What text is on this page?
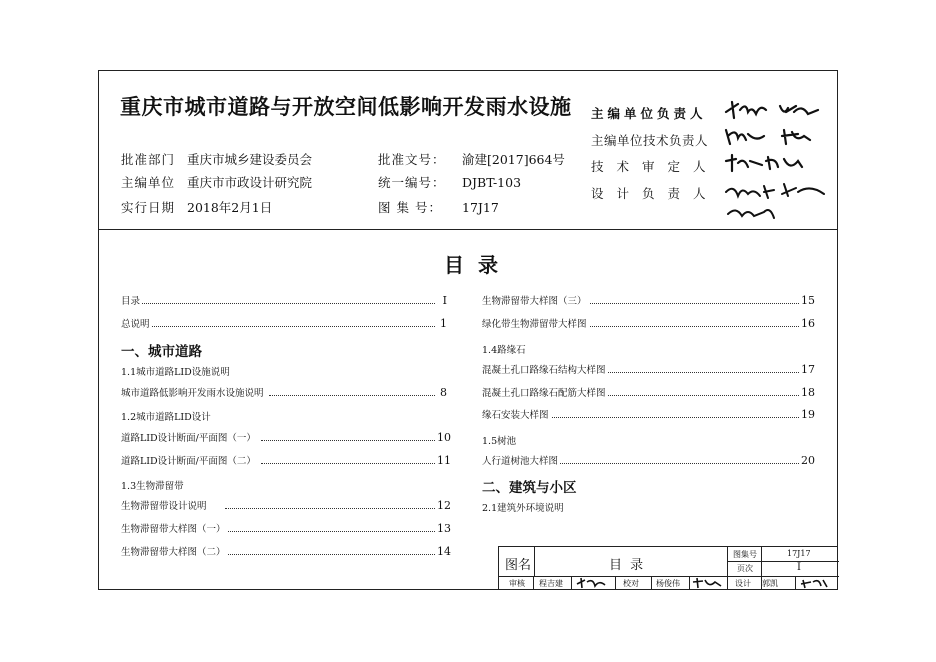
重庆市城市道路与开放空间低影响开发雨水设施
批准部门 重庆市城乡建设委员会
主编单位 重庆市市政设计研究院
实行日期 2018年2月1日
批准文号： 渝建[2017]664号
统一编号： DJBT-103
图 集 号： 17J17
主编单位负责人
主编单位技术负责人
技术审定人
设计负责人
目录
目录	I
总说明	1
一、城市道路
1.1城市道路LID设施说明
城市道路低影响开发雨水设施说明	8
1.2城市道路LID设计
道路LID设计断面/平面图（一）	10
道路LID设计断面/平面图（二）	11
1.3生物滞留带
生物滞留带设计说明	12
生物滞留带大样图（一）	13
生物滞留带大样图（二）	14
生物滞留带大样图（三）	15
绿化带生物滞留带大样图	16
1.4路缘石
混凝土孔口路缘石结构大样图	17
混凝土孔口路缘石配筋大样图	18
缘石安装大样图	19
1.5树池
人行道树池大样图	20
二、建筑与小区
2.1建筑外环境说明
图名	目 录
图集号	17J17
页次	I
审核 程吉建	校对 杨俊伟	设计 郭凯
